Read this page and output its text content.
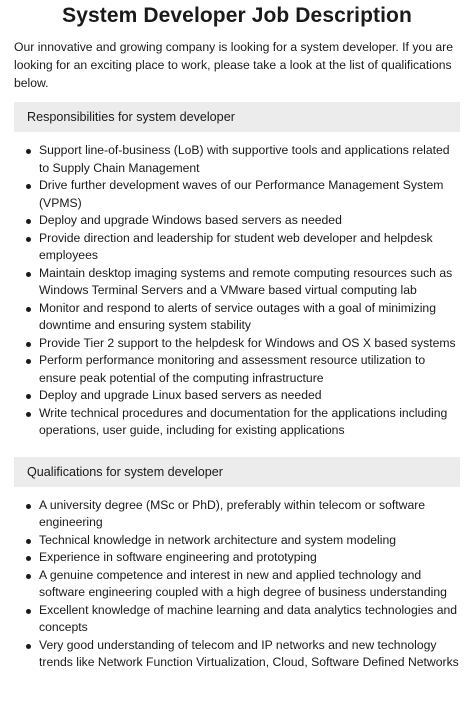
System Developer Job Description

Our innovative and growing company is looking for a system developer. If you are looking for an exciting place to work, please take a look at the list of qualifications below.

Responsibilities for system developer
Support line-of-business (LoB) with supportive tools and applications related to Supply Chain Management
Drive further development waves of our Performance Management System (VPMS)
Deploy and upgrade Windows based servers as needed
Provide direction and leadership for student web developer and helpdesk employees
Maintain desktop imaging systems and remote computing resources such as Windows Terminal Servers and a VMware based virtual computing lab
Monitor and respond to alerts of service outages with a goal of minimizing downtime and ensuring system stability
Provide Tier 2 support to the helpdesk for Windows and OS X based systems
Perform performance monitoring and assessment resource utilization to ensure peak potential of the computing infrastructure
Deploy and upgrade Linux based servers as needed
Write technical procedures and documentation for the applications including operations, user guide, including for existing applications
Qualifications for system developer
A university degree (MSc or PhD), preferably within telecom or software engineering
Technical knowledge in network architecture and system modeling
Experience in software engineering and prototyping
A genuine competence and interest in new and applied technology and software engineering coupled with a high degree of business understanding
Excellent knowledge of machine learning and data analytics technologies and concepts
Very good understanding of telecom and IP networks and new technology trends like Network Function Virtualization, Cloud, Software Defined Networks
